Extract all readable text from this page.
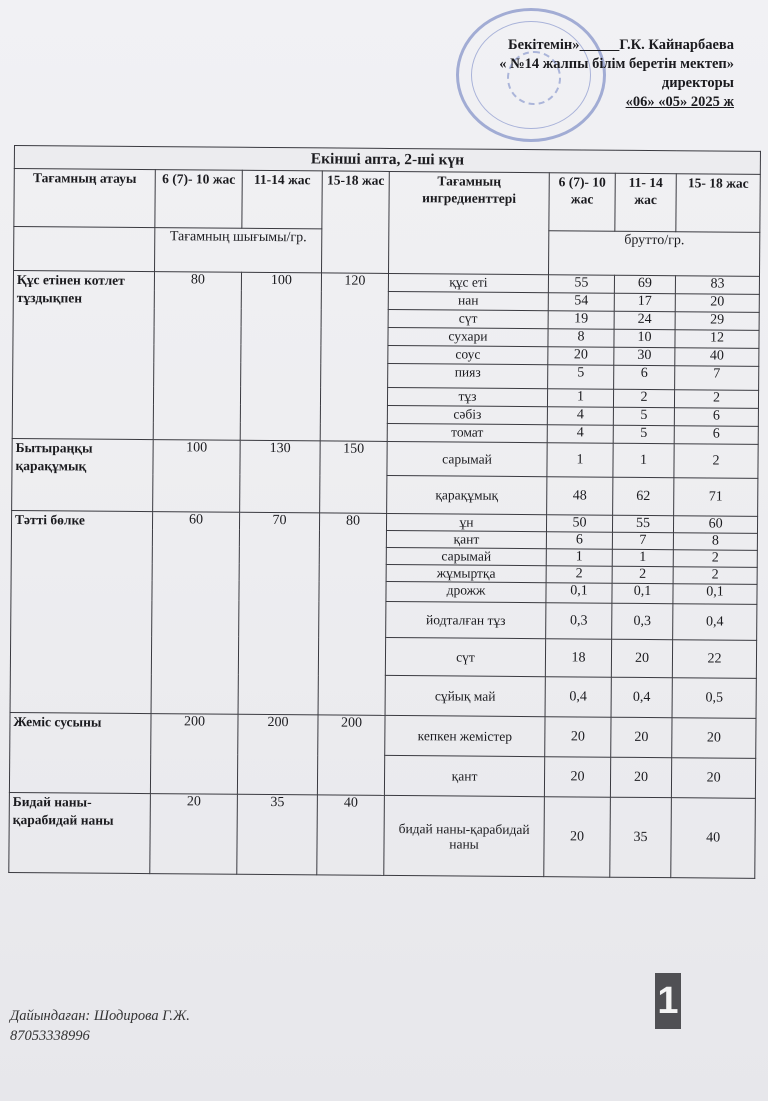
Бекітемін»	Г.К. Кайнарбаева
« №14 жалпы білім беретін мектеп»
директоры
«06» «05» 2025 ж
Екінші апта, 2-ші күн							
Тағамның атауы	6 (7)- 10 жас	11-14 жас	15-18 жас	Тағамның ингредиенттері	6 (7)- 10 жас	11- 14 жас	15- 18 жас
	Тағамның шығымы/гр.				брутто/гр.		
Құс етінен котлет тұздықпен	80	100	120	құс еті	55	69	83
				нан	54	17	20
				сүт	19	24	29
				сухари	8	10	12
				соус	20	30	40
				пияз	5	6	7
				тұз	1	2	2
				сәбіз	4	5	6
				томат	4	5	6
Бытыраңқы қарақұмық	100	130	150	сарымай	1	1	2
				қарақұмық	48	62	71
Тәтті бөлке	60	70	80	ұн	50	55	60
				қант	6	7	8
				сарымай	1	1	2
				жұмыртқа	2	2	2
				дрожж	0,1	0,1	0,1
				йодталған тұз	0,3	0,3	0,4
				сүт	18	20	22
				сұйық май	0,4	0,4	0,5
Жеміс сусыны	200	200	200	кепкен жемістер	20	20	20
				қант	20	20	20
Бидай наны-қарабидай наны	20	35	40	бидай наны-қарабидай наны	20	35	40
Дайындаған: Шодирова Г.Ж.
87053338996
1
